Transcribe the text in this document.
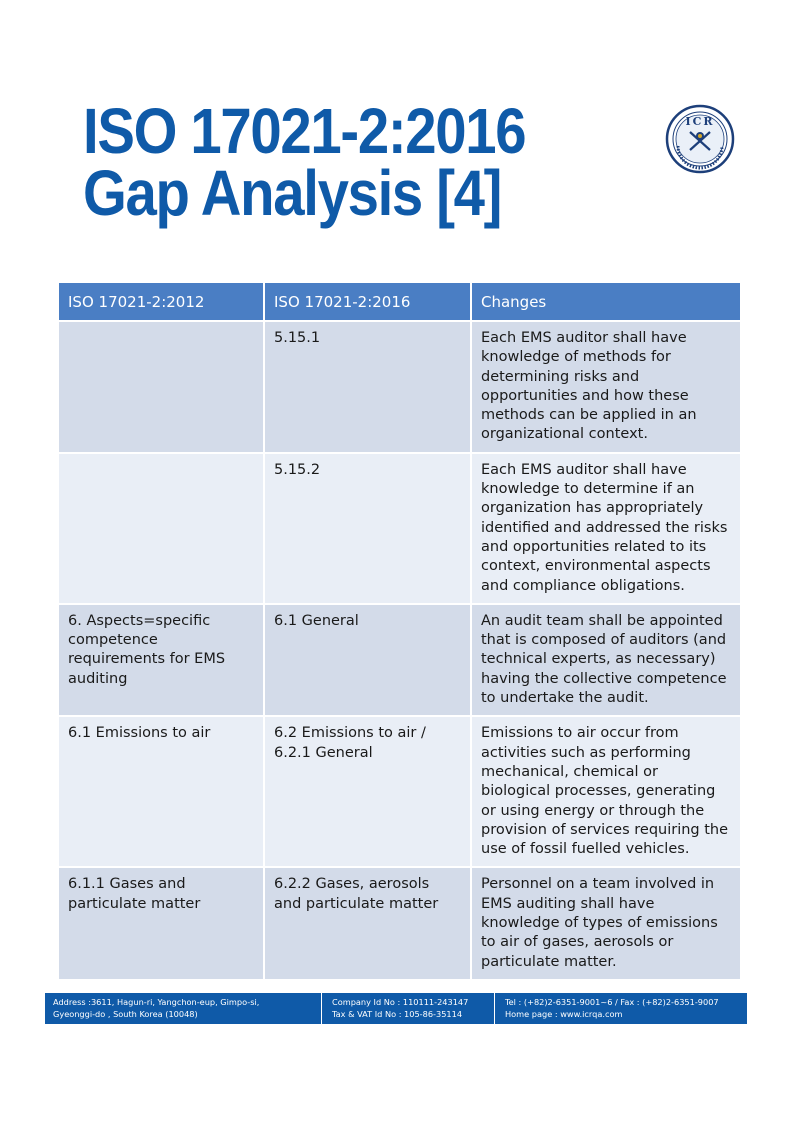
ISO 17021-2:2016
Gap Analysis [4]
ICR
ISO 17021-2:2012	ISO 17021-2:2016	Changes
	5.15.1	Each EMS auditor shall have knowledge of methods for determining risks and opportunities and how these methods can be applied in an organizational context.
	5.15.2	Each EMS auditor shall have knowledge to determine if an organization has appropriately identified and addressed the risks and opportunities related to its context, environmental aspects and compliance obligations.
6. Aspects=specific competence requirements for EMS auditing	6.1 General	An audit team shall be appointed that is composed of auditors (and technical experts, as necessary) having the collective competence to undertake the audit.
6.1 Emissions to air	6.2 Emissions to air / 6.2.1 General	Emissions to air occur from activities such as performing mechanical, chemical or biological processes, generating or using energy or through the provision of services requiring the use of fossil fuelled vehicles.
6.1.1 Gases and particulate matter	6.2.2 Gases, aerosols and particulate matter	Personnel on a team involved in EMS auditing shall have knowledge of types of emissions to air of gases, aerosols or particulate matter.
Address :3611, Hagun-ri, Yangchon-eup, Gimpo-si,
Gyeonggi-do , South Korea (10048)
Company Id No : 110111-243147
Tax & VAT Id No : 105-86-35114
Tel : (+82)2-6351-9001~6 / Fax : (+82)2-6351-9007
Home page : www.icrqa.com
